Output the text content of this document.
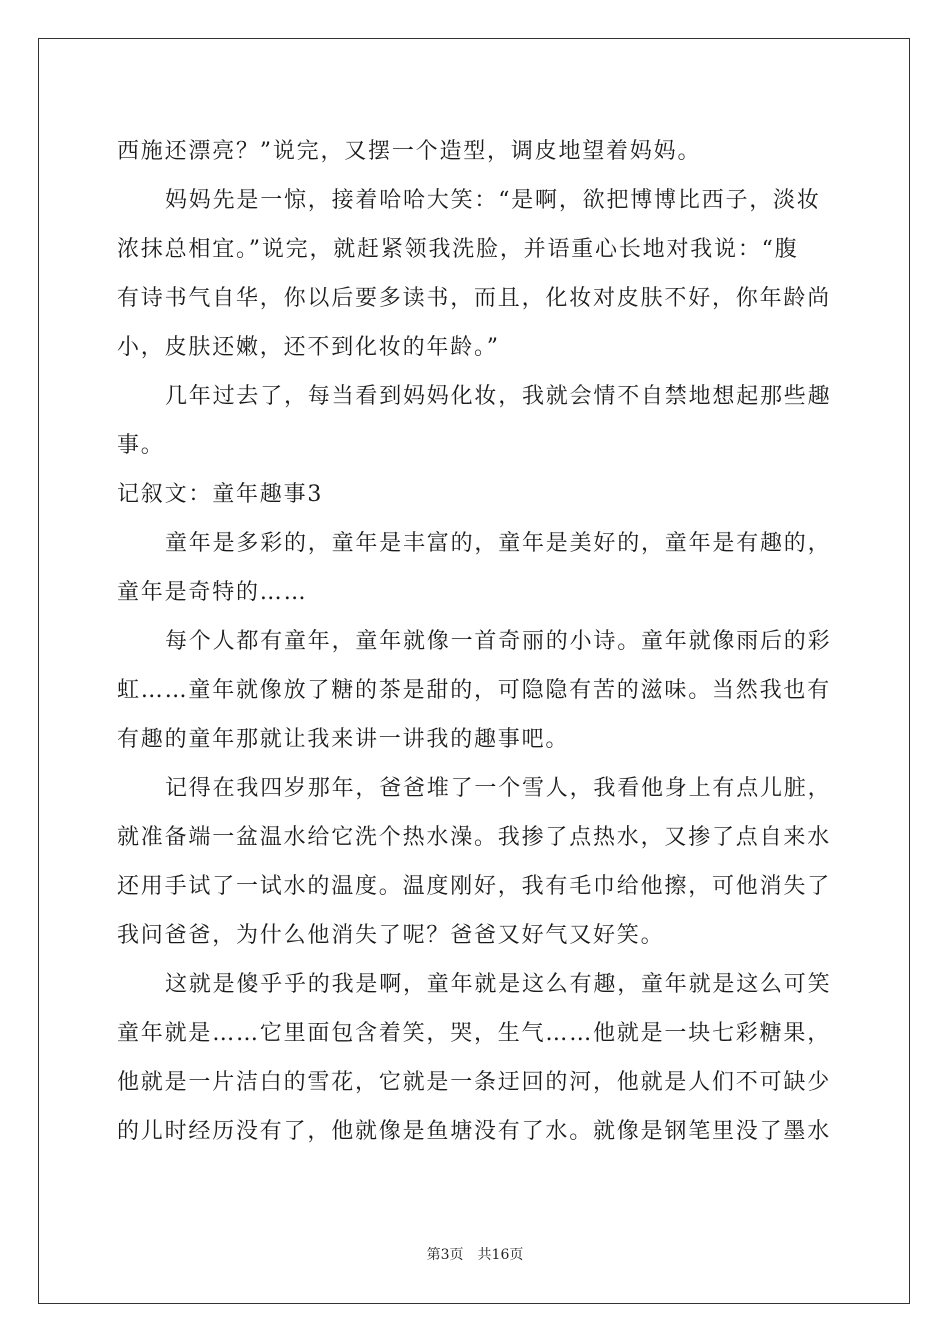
西施还漂亮？”说完，又摆一个造型，调皮地望着妈妈。
妈妈先是一惊，接着哈哈大笑：“是啊，欲把博博比西子，淡妆
浓抹总相宜。”说完，就赶紧领我洗脸，并语重心长地对我说：“腹
有诗书气自华，你以后要多读书，而且，化妆对皮肤不好，你年龄尚
小，皮肤还嫩，还不到化妆的年龄。”
几年过去了，每当看到妈妈化妆，我就会情不自禁地想起那些趣
事。
记叙文：童年趣事3
童年是多彩的，童年是丰富的，童年是美好的，童年是有趣的，
童年是奇特的……
每个人都有童年，童年就像一首奇丽的小诗。童年就像雨后的彩
虹……童年就像放了糖的茶是甜的，可隐隐有苦的滋味。当然我也有
有趣的童年那就让我来讲一讲我的趣事吧。
记得在我四岁那年，爸爸堆了一个雪人，我看他身上有点儿脏，
就准备端一盆温水给它洗个热水澡。我掺了点热水，又掺了点自来水
还用手试了一试水的温度。温度刚好，我有毛巾给他擦，可他消失了
我问爸爸，为什么他消失了呢？爸爸又好气又好笑。
这就是傻乎乎的我是啊，童年就是这么有趣，童年就是这么可笑
童年就是……它里面包含着笑，哭，生气……他就是一块七彩糖果，
他就是一片洁白的雪花，它就是一条迂回的河，他就是人们不可缺少
的儿时经历没有了，他就像是鱼塘没有了水。就像是钢笔里没了墨水
第3页 共16页
